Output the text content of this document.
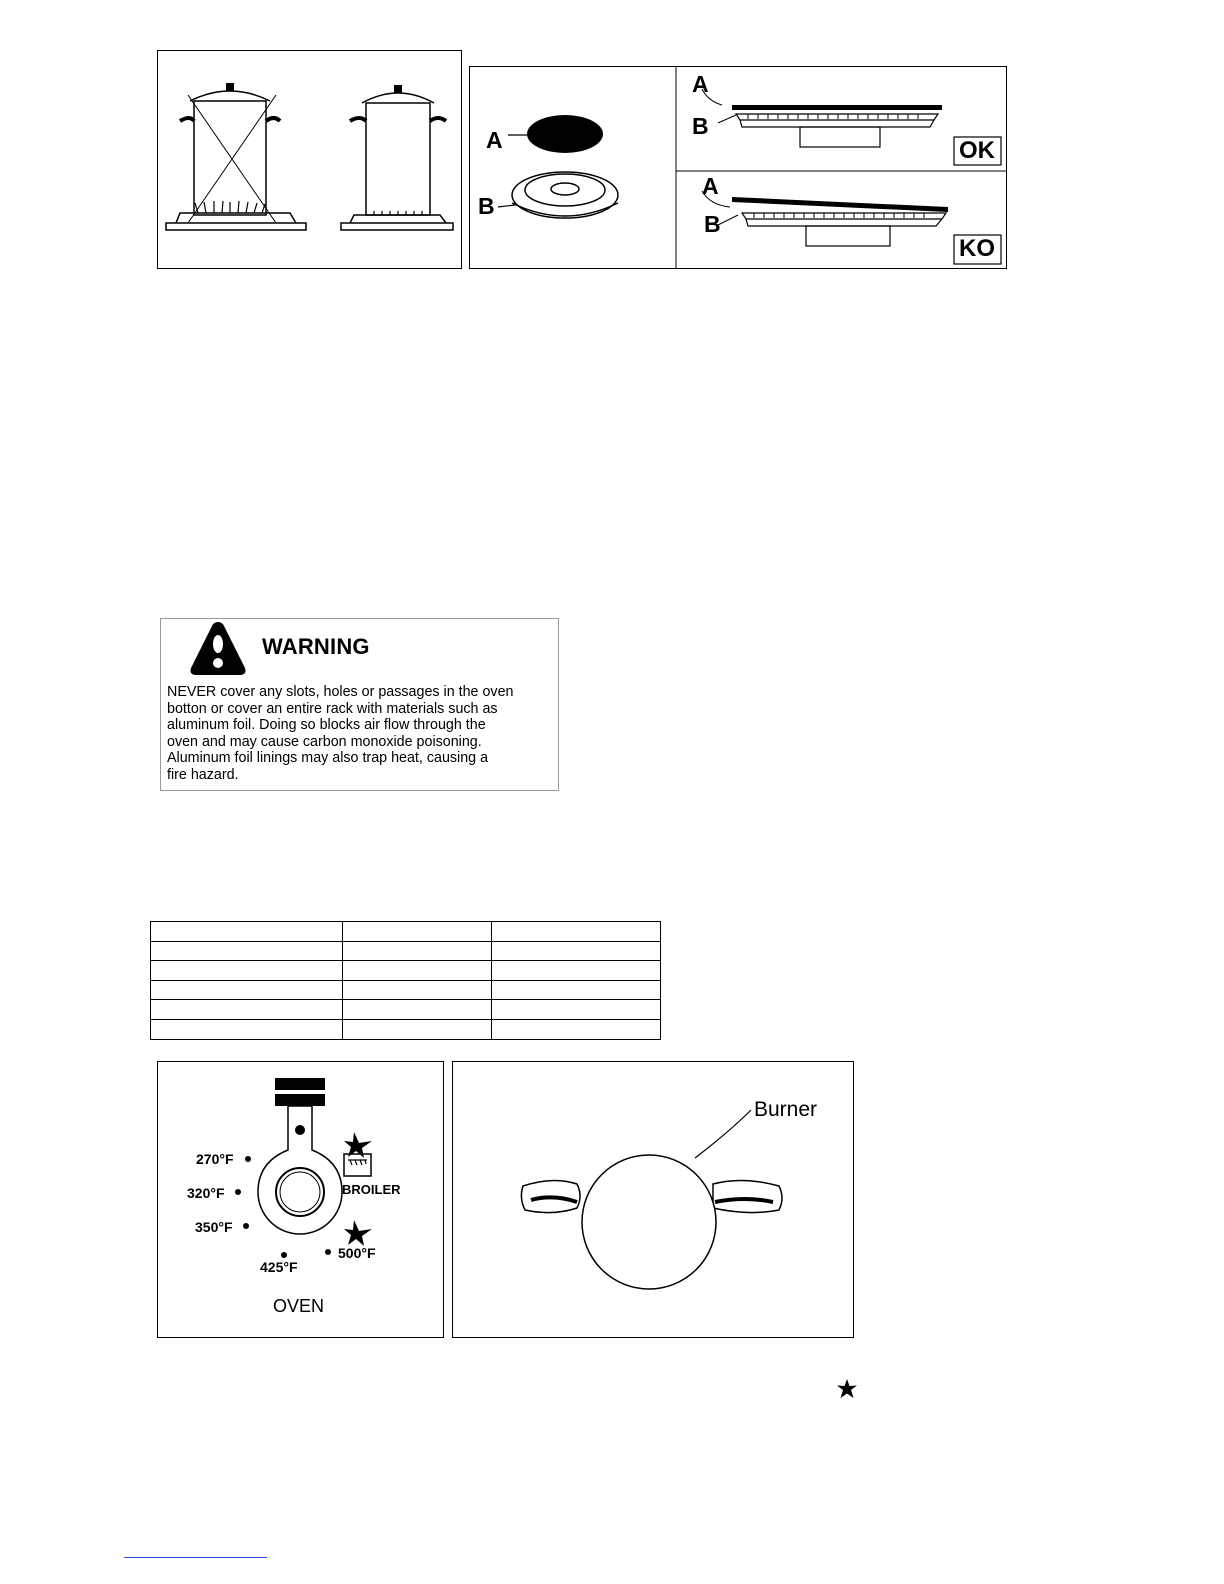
A
B
A
B
OK
A
B
KO
WARNING
NEVER cover any slots, holes or passages in the oven
botton or cover an entire rack with materials such as
aluminum foil. Doing so blocks air flow through the
oven and may cause carbon monoxide poisoning.
Aluminum foil linings may also trap heat, causing a
fire hazard.

270°F
320°F
350°F
425°F
500°F
BROILER
OVEN
Burner
